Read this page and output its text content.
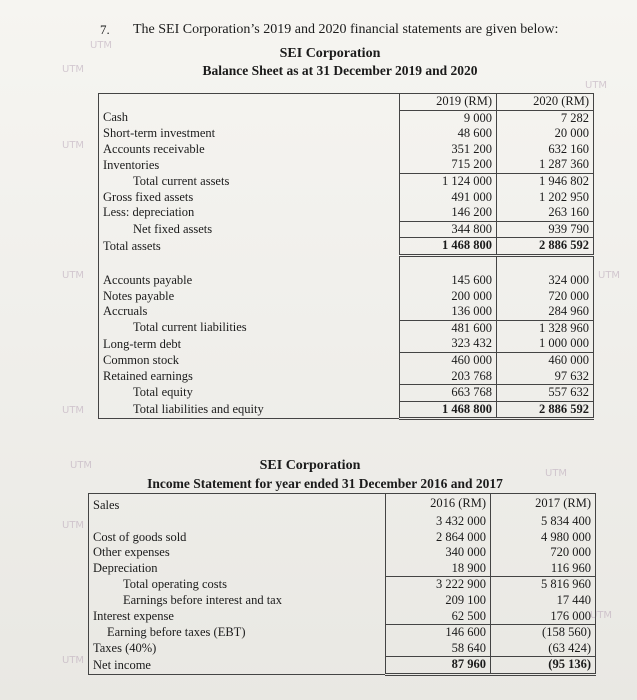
UTM
UTM
UTM
UTM
UTM	UTM
UTM
UTM
UTM
UTM
UTM
UTM
7. The SEI Corporation’s 2019 and 2020 financial statements are given below:
SEI Corporation
Balance Sheet as at 31 December 2019 and 2020
	2019 (RM)	2020 (RM)
Cash	9 000	7 282
Short-term investment	48 600	20 000
Accounts receivable	351 200	632 160
Inventories	715 200	1 287 360
Total current assets	1 124 000	1 946 802
Gross fixed assets	491 000	1 202 950
Less: depreciation	146 200	263 160
Net fixed assets	344 800	939 790
Total assets	1 468 800	2 886 592

Accounts payable	145 600	324 000
Notes payable	200 000	720 000
Accruals	136 000	284 960
Total current liabilities	481 600	1 328 960
Long-term debt	323 432	1 000 000
Common stock	460 000	460 000
Retained earnings	203 768	97 632
Total equity	663 768	557 632
Total liabilities and equity	1 468 800	2 886 592
SEI Corporation
Income Statement for year ended 31 December 2016 and 2017
Sales	2016 (RM)	2017 (RM)
	3 432 000	5 834 400
Cost of goods sold	2 864 000	4 980 000
Other expenses	340 000	720 000
Depreciation	18 900	116 960
Total operating costs	3 222 900	5 816 960
Earnings before interest and tax	209 100	17 440
Interest expense	62 500	176 000
Earning before taxes (EBT)	146 600	(158 560)
Taxes (40%)	58 640	(63 424)
Net income	87 960	(95 136)
